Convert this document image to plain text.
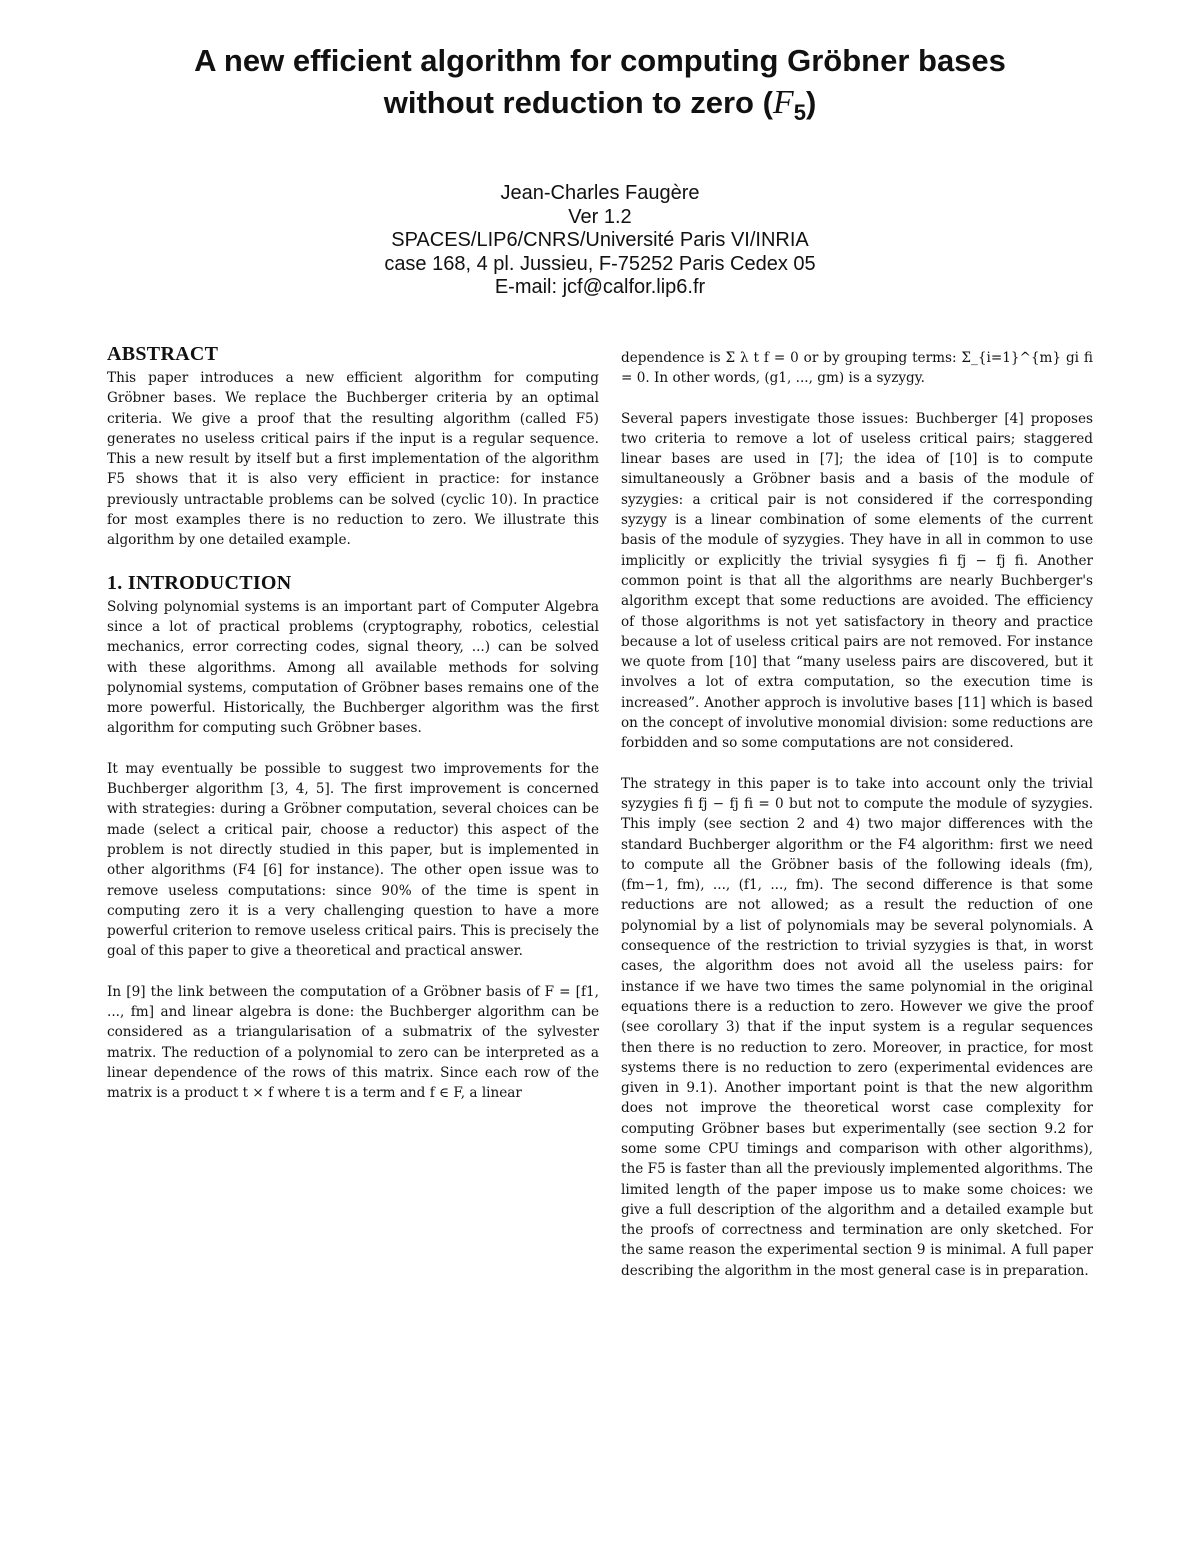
A new efficient algorithm for computing Gröbner bases
without reduction to zero $(F_5)$
Jean-Charles Faugère
Ver 1.2
SPACES/LIP6/CNRS/Université Paris VI/INRIA
case 168, 4 pl. Jussieu, F-75252 Paris Cedex 05
E-mail: jcf@calfor.lip6.fr
ABSTRACT

This paper introduces a new efficient algorithm for computing Gröbner bases. We replace the Buchberger criteria by an optimal criteria. We give a proof that the resulting algorithm (called F5) generates no useless critical pairs if the input is a regular sequence. This a new result by itself but a first implementation of the algorithm F5 shows that it is also very efficient in practice: for instance previously untractable problems can be solved (cyclic 10). In practice for most examples there is no reduction to zero. We illustrate this algorithm by one detailed example.

1. INTRODUCTION

Solving polynomial systems is an important part of Computer Algebra since a lot of practical problems (cryptography, robotics, celestial mechanics, error correcting codes, signal theory, ...) can be solved with these algorithms. Among all available methods for solving polynomial systems, computation of Gröbner bases remains one of the more powerful. Historically, the Buchberger algorithm was the first algorithm for computing such Gröbner bases.

It may eventually be possible to suggest two improvements for the Buchberger algorithm [3, 4, 5]. The first improvement is concerned with strategies: during a Gröbner computation, several choices can be made (select a critical pair, choose a reductor) this aspect of the problem is not directly studied in this paper, but is implemented in other algorithms (F4 [6] for instance). The other open issue was to remove useless computations: since 90% of the time is spent in computing zero it is a very challenging question to have a more powerful criterion to remove useless critical pairs. This is precisely the goal of this paper to give a theoretical and practical answer.

In [9] the link between the computation of a Gröbner basis of F = [f1, ..., fm] and linear algebra is done: the Buchberger algorithm can be considered as a triangularisation of a submatrix of the sylvester matrix. The reduction of a polynomial to zero can be interpreted as a linear dependence of the rows of this matrix. Since each row of the matrix is a product t × f where t is a term and f ∈ F, a linear

dependence is Σ λ t f = 0 or by grouping terms: Σ_{i=1}^{m} gi fi = 0. In other words, (g1, ..., gm) is a syzygy.

Several papers investigate those issues: Buchberger [4] proposes two criteria to remove a lot of useless critical pairs; staggered linear bases are used in [7]; the idea of [10] is to compute simultaneously a Gröbner basis and a basis of the module of syzygies: a critical pair is not considered if the corresponding syzygy is a linear combination of some elements of the current basis of the module of syzygies. They have in all in common to use implicitly or explicitly the trivial sysygies fi fj − fj fi. Another common point is that all the algorithms are nearly Buchberger's algorithm except that some reductions are avoided. The efficiency of those algorithms is not yet satisfactory in theory and practice because a lot of useless critical pairs are not removed. For instance we quote from [10] that “many useless pairs are discovered, but it involves a lot of extra computation, so the execution time is increased”. Another approch is involutive bases [11] which is based on the concept of involutive monomial division: some reductions are forbidden and so some computations are not considered.

The strategy in this paper is to take into account only the trivial syzygies fi fj − fj fi = 0 but not to compute the module of syzygies. This imply (see section 2 and 4) two major differences with the standard Buchberger algorithm or the F4 algorithm: first we need to compute all the Gröbner basis of the following ideals (fm), (fm−1, fm), ..., (f1, ..., fm). The second difference is that some reductions are not allowed; as a result the reduction of one polynomial by a list of polynomials may be several polynomials. A consequence of the restriction to trivial syzygies is that, in worst cases, the algorithm does not avoid all the useless pairs: for instance if we have two times the same polynomial in the original equations there is a reduction to zero. However we give the proof (see corollary 3) that if the input system is a regular sequences then there is no reduction to zero. Moreover, in practice, for most systems there is no reduction to zero (experimental evidences are given in 9.1). Another important point is that the new algorithm does not improve the theoretical worst case complexity for computing Gröbner bases but experimentally (see section 9.2 for some some CPU timings and comparison with other algorithms), the F5 is faster than all the previously implemented algorithms. The limited length of the paper impose us to make some choices: we give a full description of the algorithm and a detailed example but the proofs of correctness and termination are only sketched. For the same reason the experimental section 9 is minimal. A full paper describing the algorithm in the most general case is in preparation.
